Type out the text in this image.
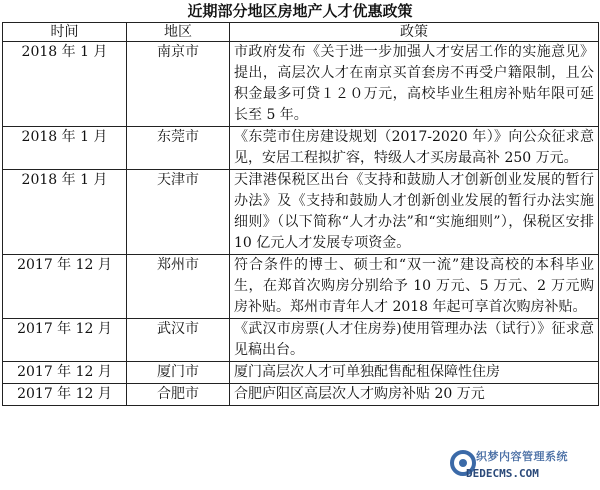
近期部分地区房地产人才优惠政策
时间	地区	政策
2018 年 1 月	南京市	市政府发布《关于进一步加强人才安居工作的实施意见》提出，高层次人才在南京买首套房不再受户籍限制，且公积金最多可贷１２０万元，高校毕业生租房补贴年限可延长至 5 年。
2018 年 1 月	东莞市	《东莞市住房建设规划（2017-2020 年）》向公众征求意见，安居工程拟扩容，特级人才买房最高补 250 万元。
2018 年 1 月	天津市	天津港保税区出台《支持和鼓励人才创新创业发展的暂行办法》及《支持和鼓励人才创新创业发展的暂行办法实施细则》（以下简称“人才办法”和“实施细则”），保税区安排 10 亿元人才发展专项资金。
2017 年 12 月	郑州市	符合条件的博士、硕士和“双一流”建设高校的本科毕业生，在郑首次购房分别给予 10 万元、5 万元、2 万元购房补贴。郑州市青年人才 2018 年起可享首次购房补贴。
2017 年 12 月	武汉市	《武汉市房票(人才住房券)使用管理办法（试行）》征求意见稿出台。
2017 年 12 月	厦门市	厦门高层次人才可单独配售配租保障性住房
2017 年 12 月	合肥市	合肥庐阳区高层次人才购房补贴 20 万元
织梦内容管理系统
DEDECMS.COM
